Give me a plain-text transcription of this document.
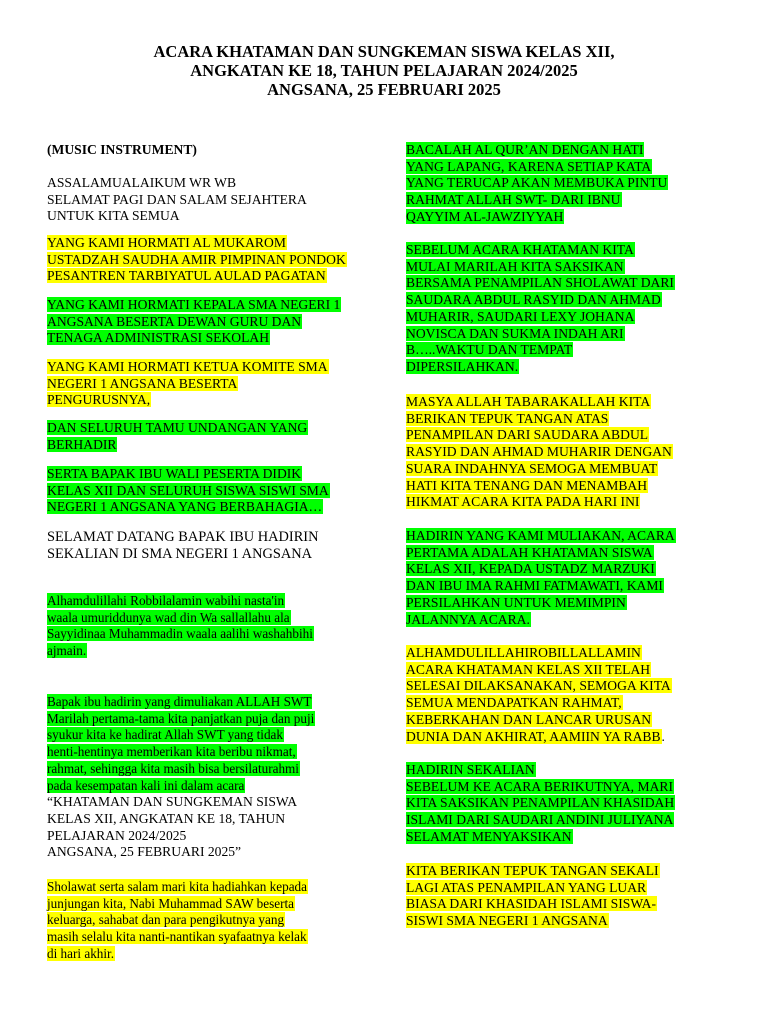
ACARA KHATAMAN DAN SUNGKEMAN SISWA KELAS XII,
ANGKATAN KE 18, TAHUN PELAJARAN 2024/2025
ANGSANA, 25 FEBRUARI 2025

(MUSIC INSTRUMENT)

ASSALAMUALAIKUM WR WB
SELAMAT PAGI DAN SALAM SEJAHTERA
UNTUK KITA SEMUA

YANG KAMI HORMATI AL MUKAROM
USTADZAH SAUDHA AMIR PIMPINAN PONDOK
PESANTREN TARBIYATUL AULAD PAGATAN

YANG KAMI HORMATI KEPALA SMA NEGERI 1
ANGSANA BESERTA DEWAN GURU DAN
TENAGA ADMINISTRASI SEKOLAH

YANG KAMI HORMATI KETUA KOMITE SMA
NEGERI 1 ANGSANA BESERTA
PENGURUSNYA,

DAN SELURUH TAMU UNDANGAN YANG
BERHADIR

SERTA BAPAK IBU WALI PESERTA DIDIK
KELAS XII DAN SELURUH SISWA SISWI SMA
NEGERI 1 ANGSANA YANG BERBAHAGIA…

SELAMAT DATANG BAPAK IBU HADIRIN
SEKALIAN DI SMA NEGERI 1 ANGSANA

Alhamdulillahi Robbilalamin wabihi nasta'in
waala umuriddunya wad din Wa sallallahu ala
Sayyidinaa Muhammadin waala aalihi washahbihi
ajmain.

Bapak ibu hadirin yang dimuliakan ALLAH SWT
Marilah pertama-tama kita panjatkan puja dan puji
syukur kita ke hadirat Allah SWT yang tidak
henti-hentinya memberikan kita beribu nikmat,
rahmat, sehingga kita masih bisa bersilaturahmi
pada kesempatan kali ini dalam acara
“KHATAMAN DAN SUNGKEMAN SISWA
KELAS XII, ANGKATAN KE 18, TAHUN
PELAJARAN 2024/2025
ANGSANA, 25 FEBRUARI 2025”

Sholawat serta salam mari kita hadiahkan kepada
junjungan kita, Nabi Muhammad SAW beserta
keluarga, sahabat dan para pengikutnya yang
masih selalu kita nanti-nantikan syafaatnya kelak
di hari akhir.

BACALAH AL QUR’AN DENGAN HATI
YANG LAPANG, KARENA SETIAP KATA
YANG TERUCAP AKAN MEMBUKA PINTU
RAHMAT ALLAH SWT- DARI IBNU
QAYYIM AL-JAWZIYYAH

SEBELUM ACARA KHATAMAN KITA
MULAI MARILAH KITA SAKSIKAN
BERSAMA PENAMPILAN SHOLAWAT DARI
SAUDARA ABDUL RASYID DAN AHMAD
MUHARIR, SAUDARI LEXY JOHANA
NOVISCA DAN SUKMA INDAH ARI
B…..WAKTU DAN TEMPAT
DIPERSILAHKAN.

MASYA ALLAH TABARAKALLAH KITA
BERIKAN TEPUK TANGAN ATAS
PENAMPILAN DARI SAUDARA ABDUL
RASYID DAN AHMAD MUHARIR DENGAN
SUARA INDAHNYA SEMOGA MEMBUAT
HATI KITA TENANG DAN MENAMBAH
HIKMAT ACARA KITA PADA HARI INI

HADIRIN YANG KAMI MULIAKAN, ACARA
PERTAMA ADALAH KHATAMAN SISWA
KELAS XII, KEPADA USTADZ MARZUKI
DAN IBU IMA RAHMI FATMAWATI, KAMI
PERSILAHKAN UNTUK MEMIMPIN
JALANNYA ACARA.

ALHAMDULILLAHIROBILLALLAMIN
ACARA KHATAMAN KELAS XII TELAH
SELESAI DILAKSANAKAN, SEMOGA KITA
SEMUA MENDAPATKAN RAHMAT,
KEBERKAHAN DAN LANCAR URUSAN
DUNIA DAN AKHIRAT, AAMIIN YA RABB.

HADIRIN SEKALIAN
SEBELUM KE ACARA BERIKUTNYA, MARI
KITA SAKSIKAN PENAMPILAN KHASIDAH
ISLAMI DARI SAUDARI ANDINI JULIYANA
SELAMAT MENYAKSIKAN

KITA BERIKAN TEPUK TANGAN SEKALI
LAGI ATAS PENAMPILAN YANG LUAR
BIASA DARI KHASIDAH ISLAMI SISWA-
SISWI SMA NEGERI 1 ANGSANA
